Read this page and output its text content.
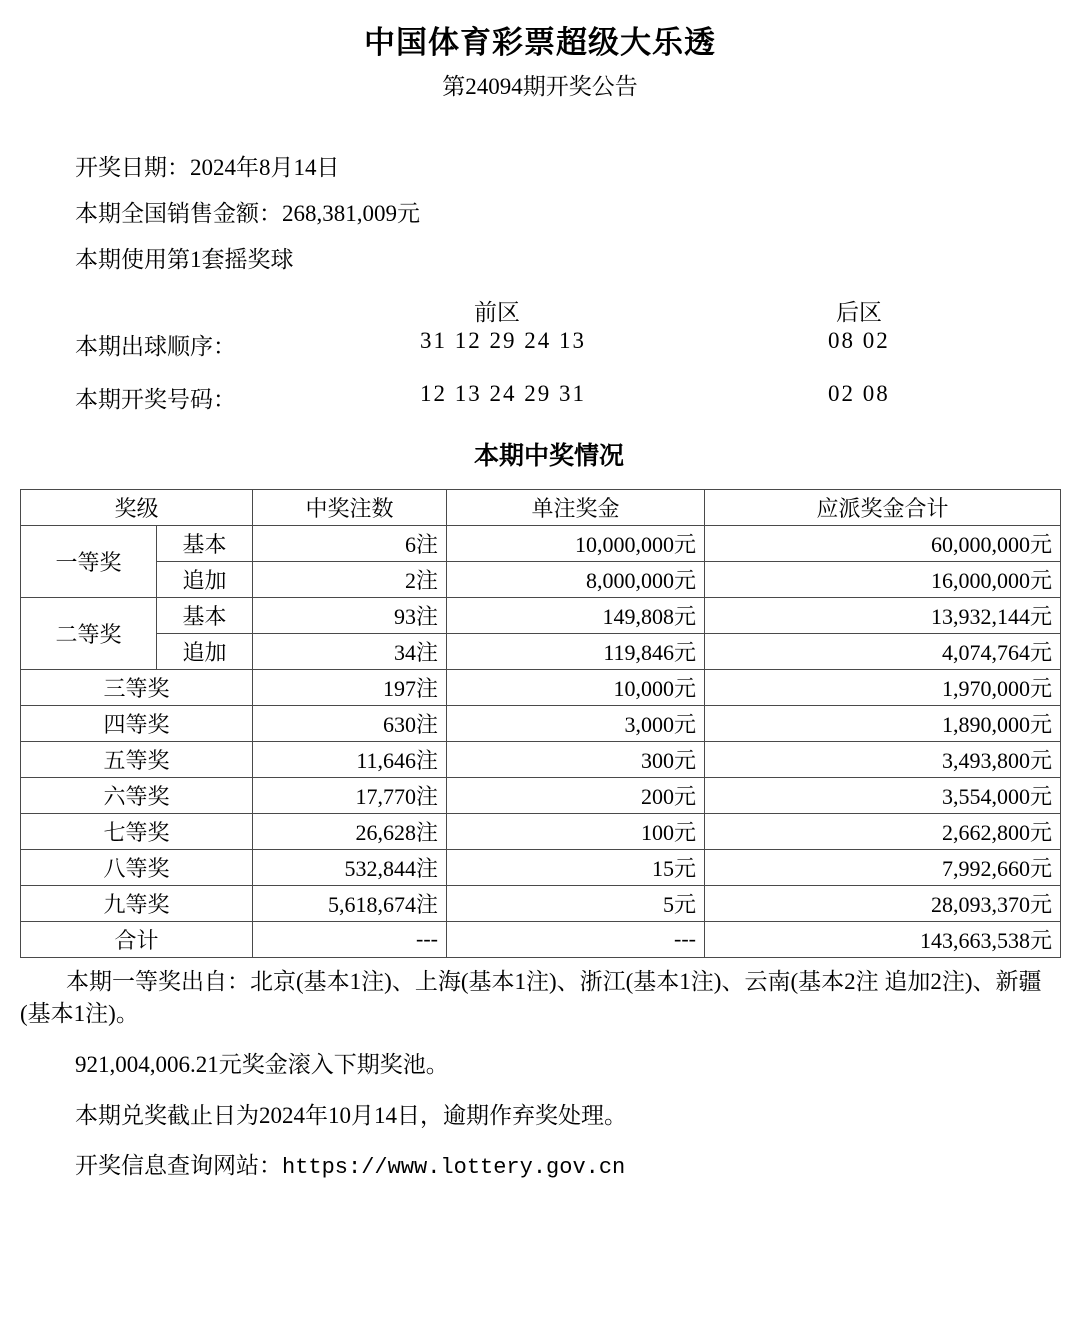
中国体育彩票超级大乐透
第24094期开奖公告
开奖日期：2024年8月14日
本期全国销售金额：268,381,009元
本期使用第1套摇奖球
前区	后区
本期出球顺序：	31 12 29 24 13	08 02
本期开奖号码：	12 13 24 29 31	02 08
本期中奖情况
奖级		中奖注数	单注奖金	应派奖金合计
一等奖	基本	6注	10,000,000元	60,000,000元
	追加	2注	8,000,000元	16,000,000元
二等奖	基本	93注	149,808元	13,932,144元
	追加	34注	119,846元	4,074,764元
三等奖		197注	10,000元	1,970,000元
四等奖		630注	3,000元	1,890,000元
五等奖		11,646注	300元	3,493,800元
六等奖		17,770注	200元	3,554,000元
七等奖		26,628注	100元	2,662,800元
八等奖		532,844注	15元	7,992,660元
九等奖		5,618,674注	5元	28,093,370元
合计		---	---	143,663,538元

本期一等奖出自：北京(基本1注)、上海(基本1注)、浙江(基本1注)、云南(基本2注 追加2注)、新疆(基本1注)。

921,004,006.21元奖金滚入下期奖池。

本期兑奖截止日为2024年10月14日，逾期作弃奖处理。

开奖信息查询网站：https://www.lottery.gov.cn
